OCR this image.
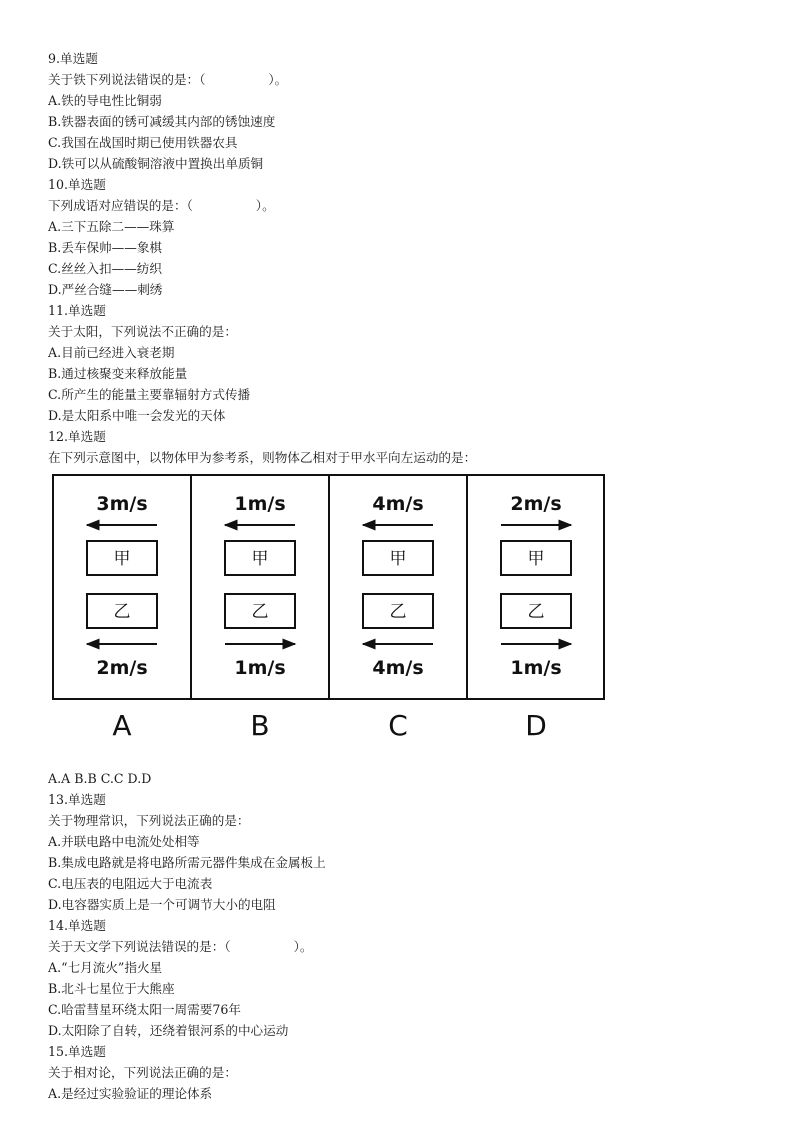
9.单选题
关于铁下列说法错误的是：（　　　　　）。
A.铁的导电性比铜弱
B.铁器表面的锈可减缓其内部的锈蚀速度
C.我国在战国时期已使用铁器农具
D.铁可以从硫酸铜溶液中置换出单质铜
10.单选题
下列成语对应错误的是：（　　　　　）。
A.三下五除二——珠算
B.丢车保帅——象棋
C.丝丝入扣——纺织
D.严丝合缝——刺绣
11.单选题
关于太阳，下列说法不正确的是：
A.目前已经进入衰老期
B.通过核聚变来释放能量
C.所产生的能量主要靠辐射方式传播
D.是太阳系中唯一会发光的天体
12.单选题
在下列示意图中，以物体甲为参考系，则物体乙相对于甲水平向左运动的是：
3m/s
甲
乙
2m/s
A
1m/s
甲
乙
1m/s
B
4m/s
甲
乙
4m/s
C
2m/s
甲
乙
1m/s
D
A.A B.B C.C D.D
13.单选题
关于物理常识，下列说法正确的是：
A.并联电路中电流处处相等
B.集成电路就是将电路所需元器件集成在金属板上
C.电压表的电阻远大于电流表
D.电容器实质上是一个可调节大小的电阻
14.单选题
关于天文学下列说法错误的是：（　　　　　）。
A.“七月流火”指火星
B.北斗七星位于大熊座
C.哈雷彗星环绕太阳一周需要76年
D.太阳除了自转，还绕着银河系的中心运动
15.单选题
关于相对论，下列说法正确的是：
A.是经过实验验证的理论体系
